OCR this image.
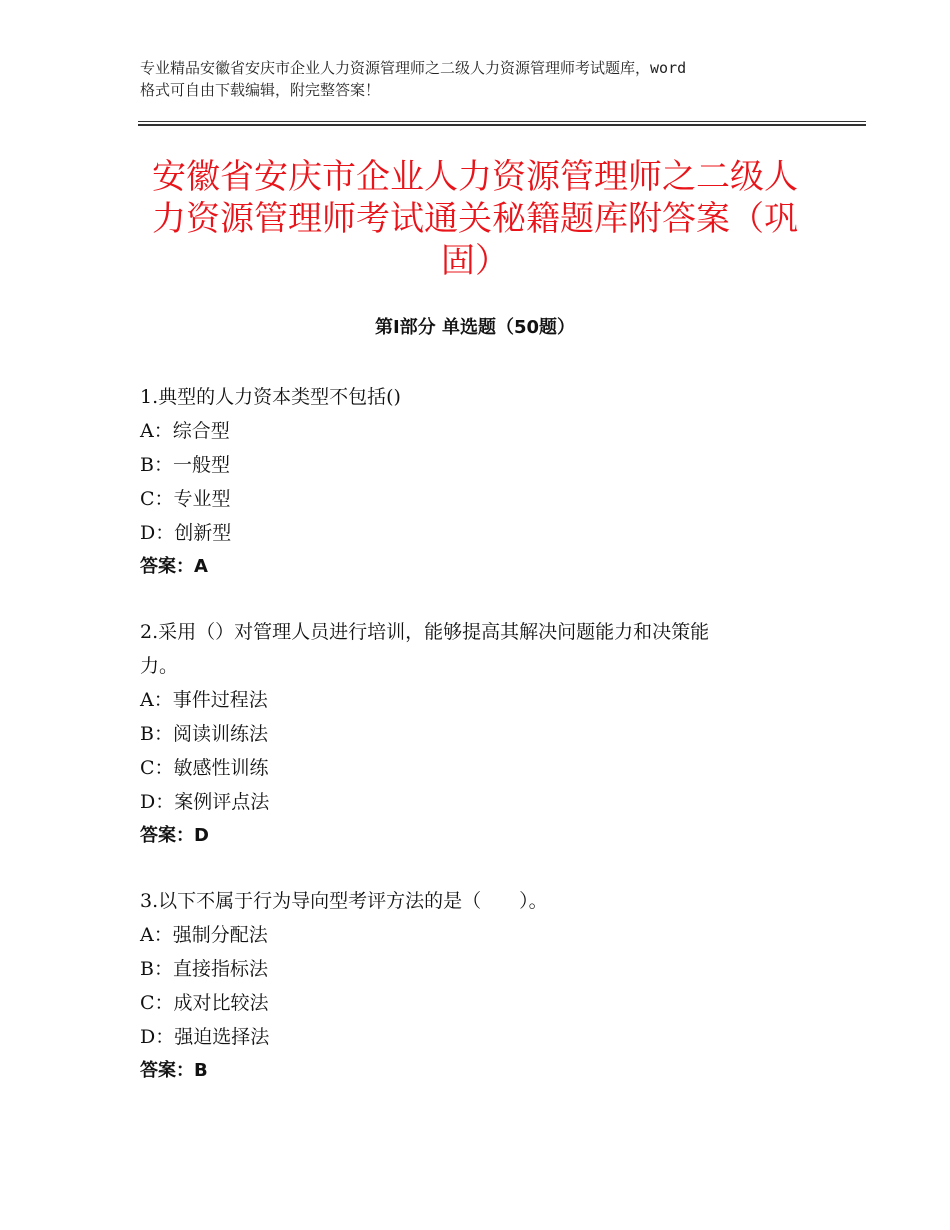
专业精品安徽省安庆市企业人力资源管理师之二级人力资源管理师考试题库，word
格式可自由下载编辑，附完整答案！
安徽省安庆市企业人力资源管理师之二级人
力资源管理师考试通关秘籍题库附答案（巩
固）
第Ⅰ部分 单选题（50题）
1.典型的人力资本类型不包括()
A：综合型
B：一般型
C：专业型
D：创新型
答案：A
2.采用（）对管理人员进行培训，能够提高其解决问题能力和决策能
力。
A：事件过程法
B：阅读训练法
C：敏感性训练
D：案例评点法
答案：D
3.以下不属于行为导向型考评方法的是（　　）。
A：强制分配法
B：直接指标法
C：成对比较法
D：强迫选择法
答案：B
